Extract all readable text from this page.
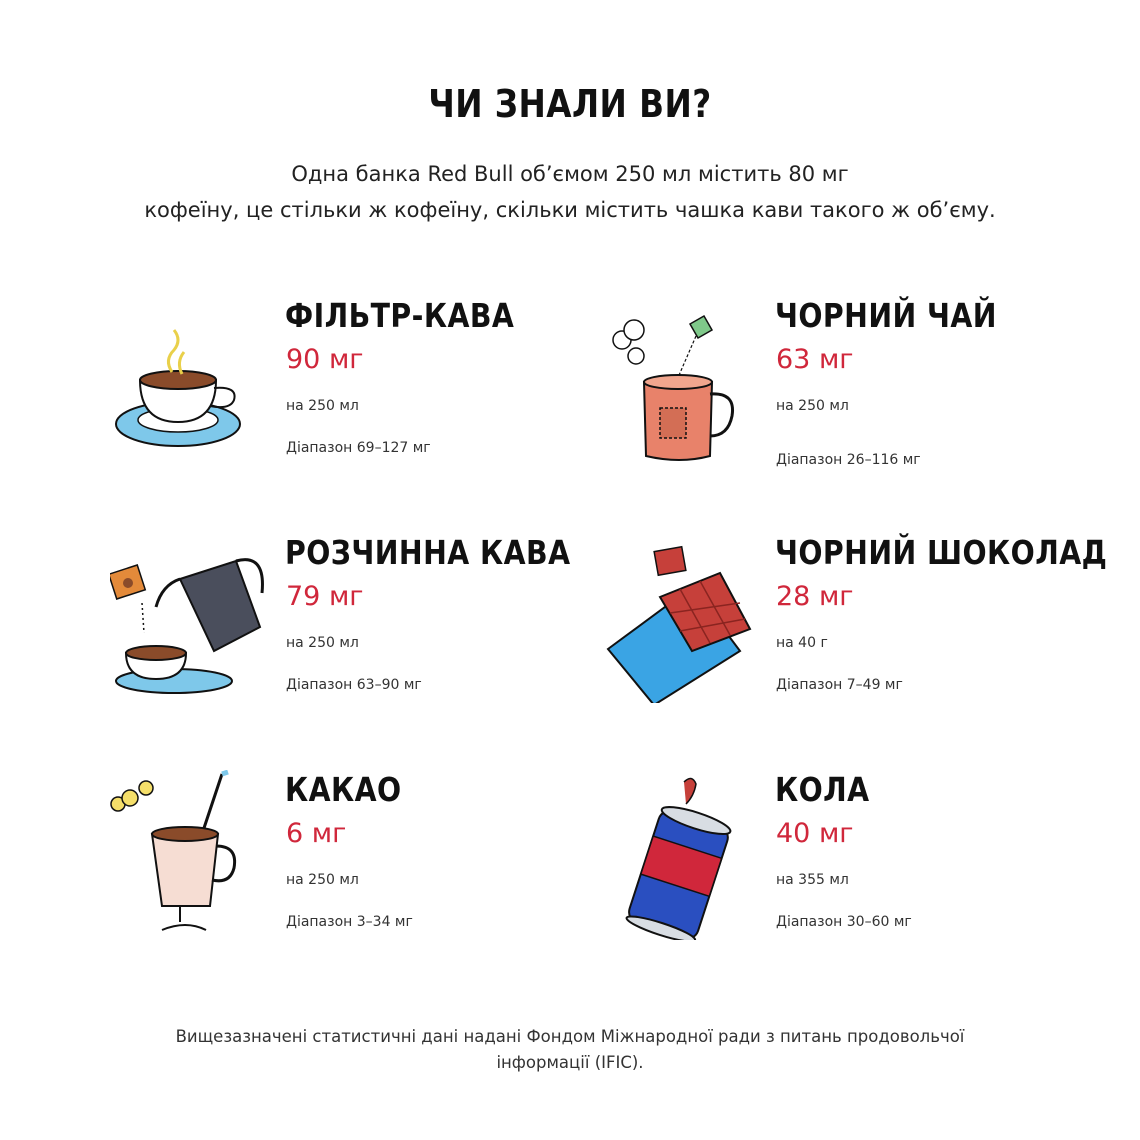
ЧИ ЗНАЛИ ВИ?
Одна банка Red Bull об’ємом 250 мл містить 80 мг
кофеїну, це стільки ж кофеїну, скільки містить чашка кави такого ж об’єму.
ФІЛЬТР-КАВА
90 мг
на 250 мл
Діапазон 69–127 мг
ЧОРНИЙ ЧАЙ
63 мг
на 250 мл
Діапазон 26–116 мг
РОЗЧИННА КАВА
79 мг
на 250 мл
Діапазон 63–90 мг
ЧОРНИЙ ШОКОЛАД
28 мг
на 40 г
Діапазон 7–49 мг
КАКАО
6 мг
на 250 мл
Діапазон 3–34 мг
КОЛА
40 мг
на 355 мл
Діапазон 30–60 мг
Вищезазначені статистичні дані надані Фондом Міжнародної ради з питань продовольчої
інформації (IFIC).
